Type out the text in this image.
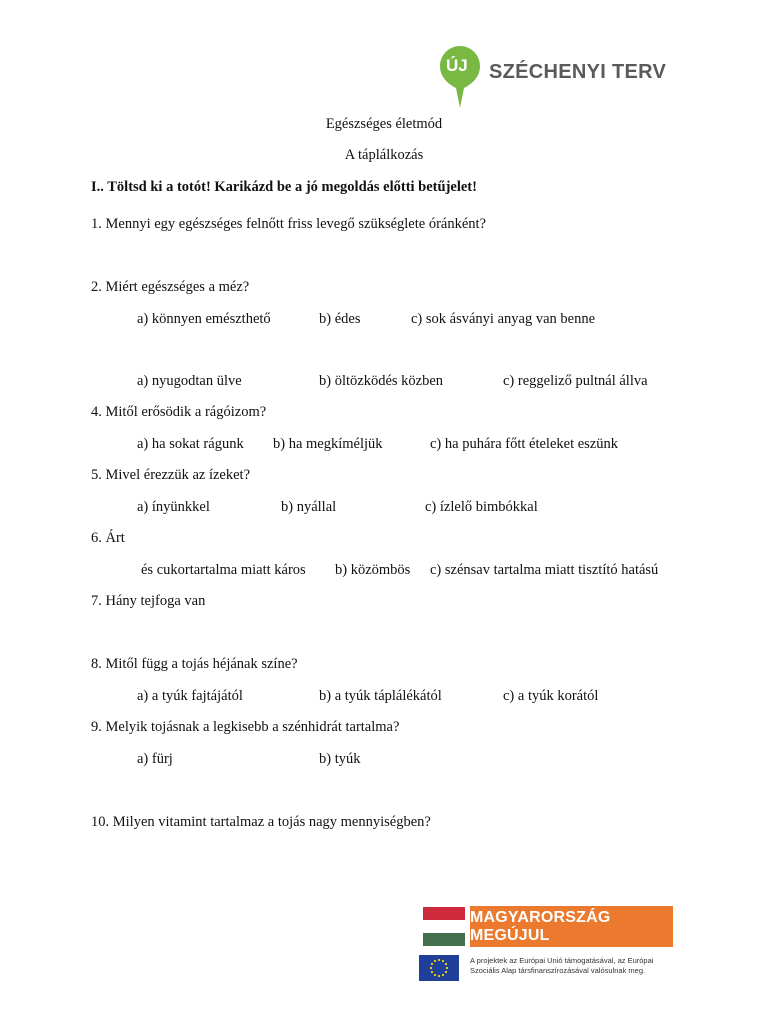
ÚJ SZÉCHENYI TERV
Egészséges életmód
A táplálkozás
I.. Töltsd ki a totót! Karikázd be a jó megoldás előtti betűjelet!
1. Mennyi egy egészséges felnőtt friss levegő szükséglete óránként?
2. Miért egészséges a méz?
a) könnyen emészthető	b) édes	c) sok ásványi anyag van benne
a) nyugodtan ülve	b) öltözködés közben	c) reggeliző pultnál állva
4. Mitől erősödik a rágóizom?
a) ha sokat rágunk b) ha megkíméljük	c) ha puhára főtt ételeket eszünk
5. Mivel érezzük az ízeket?
a) ínyünkkel	b) nyállal	c) ízlelő bimbókkal
6. Árt
és cukortartalma miatt káros b) közömbös c) szénsav tartalma miatt tisztító hatású
7. Hány tejfoga van
8. Mitől függ a tojás héjának színe?
a) a tyúk fajtájától	b) a tyúk táplálékától	c) a tyúk korától
9. Melyik tojásnak a legkisebb a szénhidrát tartalma?
a) fürj	b) tyúk
10. Milyen vitamint tartalmaz a tojás nagy mennyiségben?
MAGYARORSZÁG MEGÚJUL
A projektek az Európai Unió támogatásával, az Európai
Szociális Alap társfinanszírozásával valósulnak meg.
